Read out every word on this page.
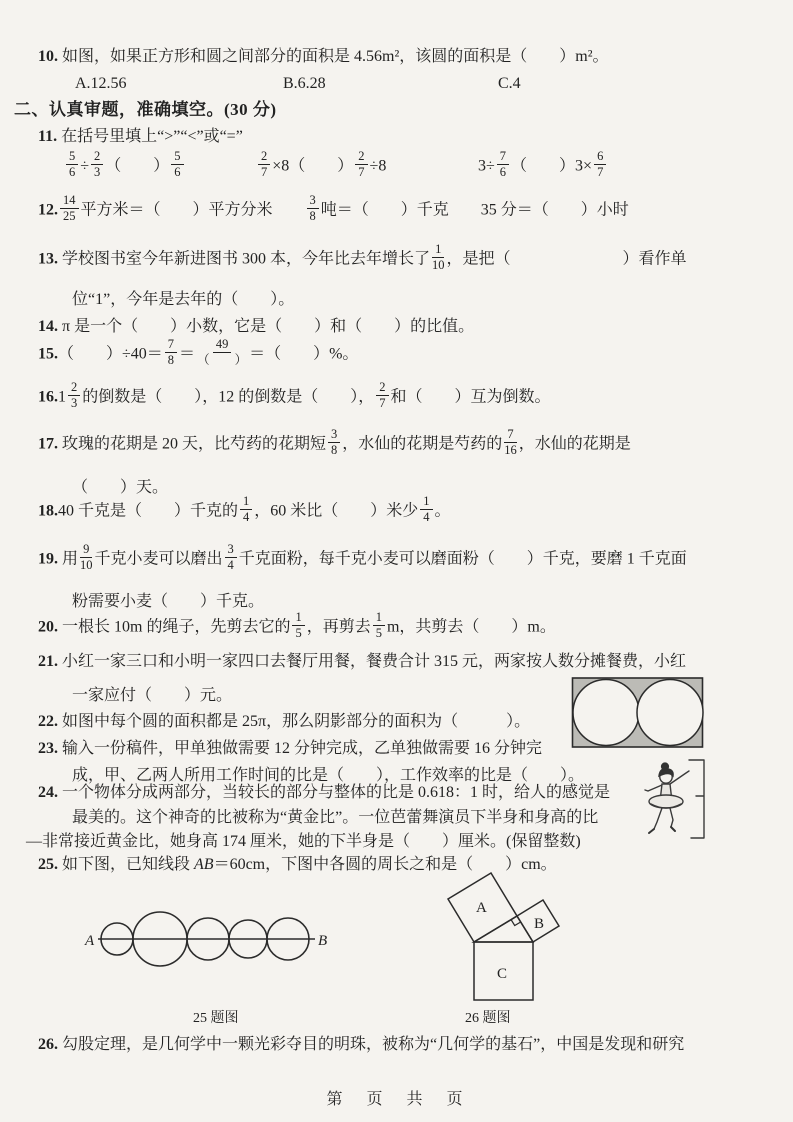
A	B
25 题图
A
B
C
26 题图
第　页　共　页
10. 如图，如果正方形和圆之间部分的面积是 4.56m²，该圆的面积是（　　）m²。
A.12.56	B.6.28	C.4
二、认真审题，准确填空。(30 分)
11. 在括号里填上“>”“<”或“=”
$\frac{5}{6} \div \frac{2}{3}$ （　　） $\frac{5}{6}$	$\frac{2}{7} \times 8$（　　） $\frac{2}{7} \div 8$	$3\div \frac{7}{6}$ （　　）$3\times \frac{6}{7}$
12. $\frac{14}{25}$ 平方米＝（　　）平方分米　　 $\frac{3}{8}$ 吨＝（　　）千克　　35 分＝（　　）小时
13. 学校图书室今年新进图书 300 本，今年比去年增长了 $\frac{1}{10}$ ，是把（　　　　　　　）看作单
位“1”，今年是去年的（　　）。
14. π 是一个（　　）小数，它是（　　）和（　　）的比值。
15.（　　）$\div 40= \frac{7}{8} = \frac{49}{( )}$ ＝（　　）%。
$16.1 \frac{2}{3}$ 的倒数是（　　），12 的倒数是（　　）， $\frac{2}{7}$ 和（　　）互为倒数。
17. 玫瑰的花期是 20 天，比芍药的花期短 $\frac{3}{8}$ ，水仙的花期是芍药的 $\frac{7}{16}$ ，水仙的花期是
（　　）天。
18.40 千克是（　　）千克的 $\frac{1}{4}$ ，60 米比（　　）米少 $\frac{1}{4}$ 。
19. 用 $\frac{9}{10}$ 千克小麦可以磨出 $\frac{3}{4}$ 千克面粉，每千克小麦可以磨面粉（　　）千克，要磨 1 千克面
粉需要小麦（　　）千克。
20. 一根长 10m 的绳子，先剪去它的 $\frac{1}{5}$ ，再剪去 $\frac{1}{5}$ m，共剪去（　　）m。
21. 小红一家三口和小明一家四口去餐厅用餐，餐费合计 315 元，两家按人数分摊餐费，小红
一家应付（　　）元。
22. 如图中每个圆的面积都是 25π，那么阴影部分的面积为（　　　）。
23. 输入一份稿件，甲单独做需要 12 分钟完成，乙单独做需要 16 分钟完
成，甲、乙两人所用工作时间的比是（　　），工作效率的比是（　　）。
24. 一个物体分成两部分，当较长的部分与整体的比是 0.618：1 时，给人的感觉是
最美的。这个神奇的比被称为“黄金比”。一位芭蕾舞演员下半身和身高的比
—非常接近黄金比，她身高 174 厘米，她的下半身是（　　）厘米。(保留整数)
25. 如下图，已知线段 AB＝60cm，下图中各圆的周长之和是（　　）cm。
26. 勾股定理，是几何学中一颗光彩夺目的明珠，被称为“几何学的基石”，中国是发现和研究
